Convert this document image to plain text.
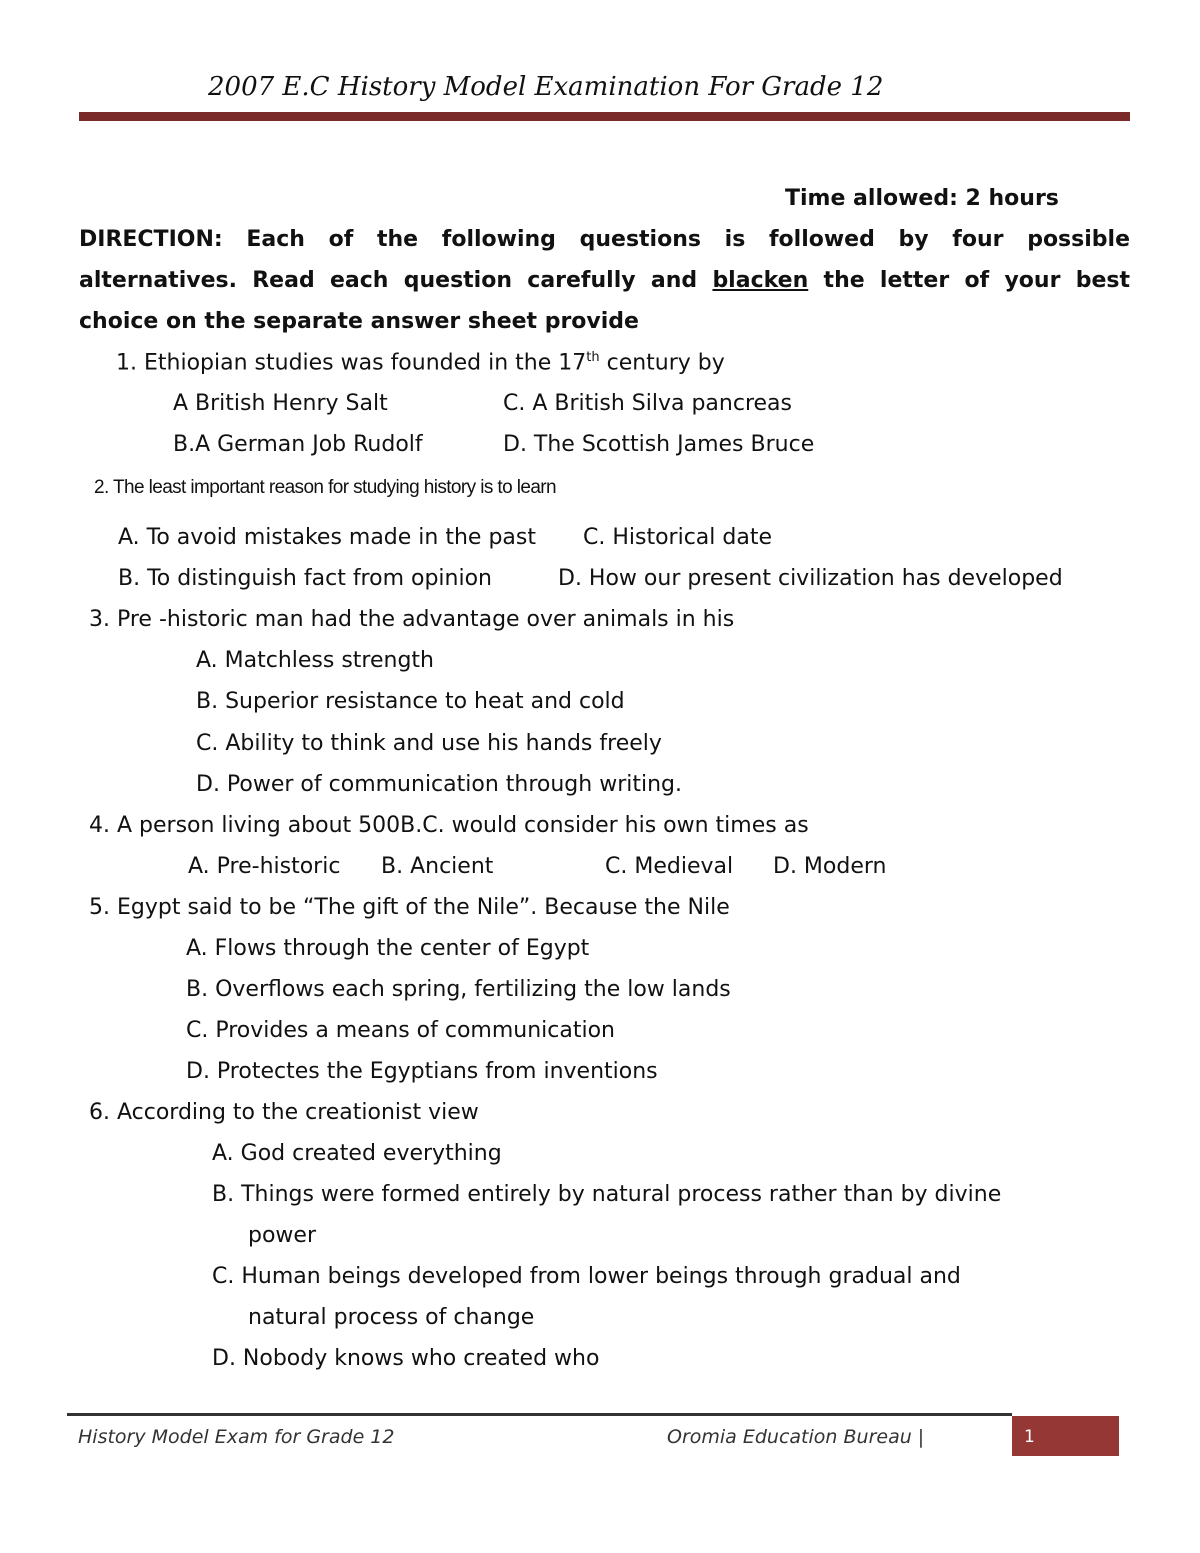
2007 E.C History Model Examination For Grade 12
Time allowed: 2 hours
DIRECTION: Each of the following questions is followed by four possible
alternatives. Read each question carefully and blacken the letter of your best
choice on the separate answer sheet provide
1. Ethiopian studies was founded in the 17th century by
A British Henry Salt	C. A British Silva pancreas
B.A German Job Rudolf	D. The Scottish James Bruce
2. The least important reason for studying history is to learn
A. To avoid mistakes made in the past C. Historical date
B. To distinguish fact from opinion	D. How our present civilization has developed
3. Pre -historic man had the advantage over animals in his
A. Matchless strength
B. Superior resistance to heat and cold
C. Ability to think and use his hands freely
D. Power of communication through writing.
4. A person living about 500B.C. would consider his own times as
A. Pre-historic B. Ancient	C. Medieval D. Modern
5. Egypt said to be “The gift of the Nile”. Because the Nile
A. Flows through the center of Egypt
B. Overflows each spring, fertilizing the low lands
C. Provides a means of communication
D. Protectes the Egyptians from inventions
6. According to the creationist view
A. God created everything
B. Things were formed entirely by natural process rather than by divine
power
C. Human beings developed from lower beings through gradual and
natural process of change
D. Nobody knows who created who
History Model Exam for Grade 12	Oromia Education Bureau |	1
